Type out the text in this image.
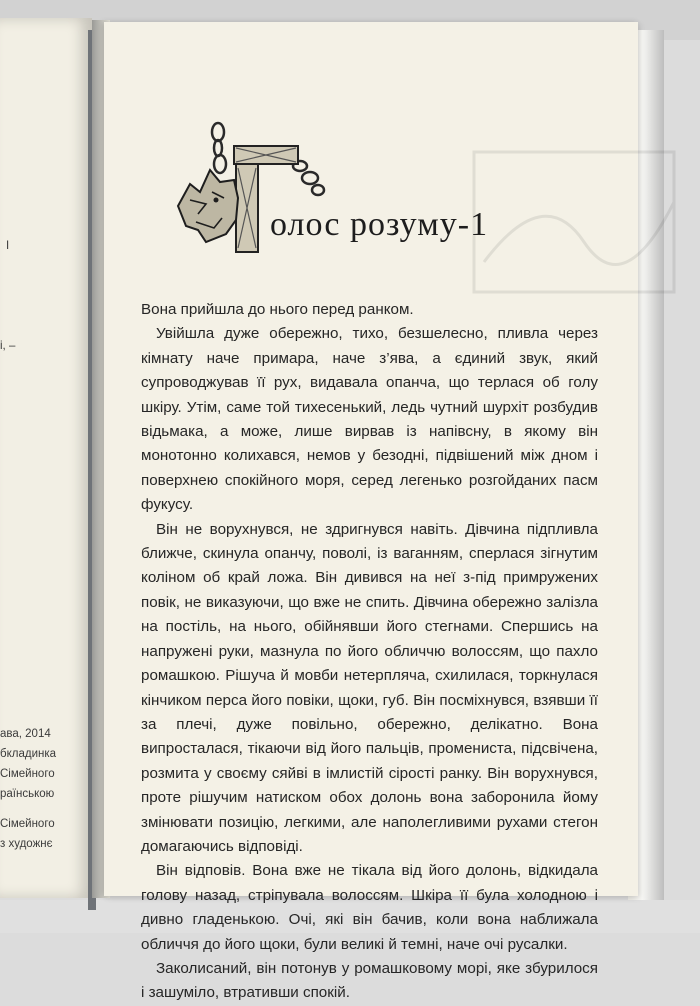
І
і, –
ава, 2014
бкладинка
Сімейного
раїнською
Сімейного
з художнє
олос розуму-1

Вона прийшла до нього перед ранком.

Увійшла дуже обережно, тихо, безшелесно, пливла через кімнату наче примара, наче з’ява, а єдиний звук, який супроводжував її рух, видавала опанча, що терлася об голу шкіру. Утім, саме той тихесенький, ледь чутний шурхіт розбудив відьмака, а може, лише вирвав із напівсну, в якому він монотонно колихався, немов у безодні, підвішений між дном і поверхнею спокійного моря, серед легенько розгойданих пасм фукусу.

Він не ворухнувся, не здригнувся навіть. Дівчина підпливла ближче, скинула опанчу, поволі, із ваганням, сперлася зігнутим коліном об край ложа. Він дивився на неї з-під примружених повік, не виказуючи, що вже не спить. Дівчина обережно залізла на постіль, на нього, обійнявши його стегнами. Спершись на напружені руки, мазнула по його обличчю волоссям, що пахло ромашкою. Рішуча й мовби нетерпляча, схилилася, торкнулася кінчиком перса його повіки, щоки, губ. Він посміхнувся, взявши її за плечі, дуже повільно, обережно, делікатно. Вона випросталася, тікаючи від його пальців, промениста, підсвічена, розмита у своєму сяйві в імлистій сірості ранку. Він ворухнувся, проте рішучим натиском обох долонь вона заборонила йому змінювати позицію, легкими, але наполегливими рухами стегон домагаючись відповіді.

Він відповів. Вона вже не тікала від його долонь, відкидала голову назад, стріпувала волоссям. Шкіра її була холодною і дивно гладенькою. Очі, які він бачив, коли вона наближала обличчя до його щоки, були великі й темні, наче очі русалки.

Заколисаний, він потонув у ромашковому морі, яке збурилося і зашуміло, втративши спокій.
